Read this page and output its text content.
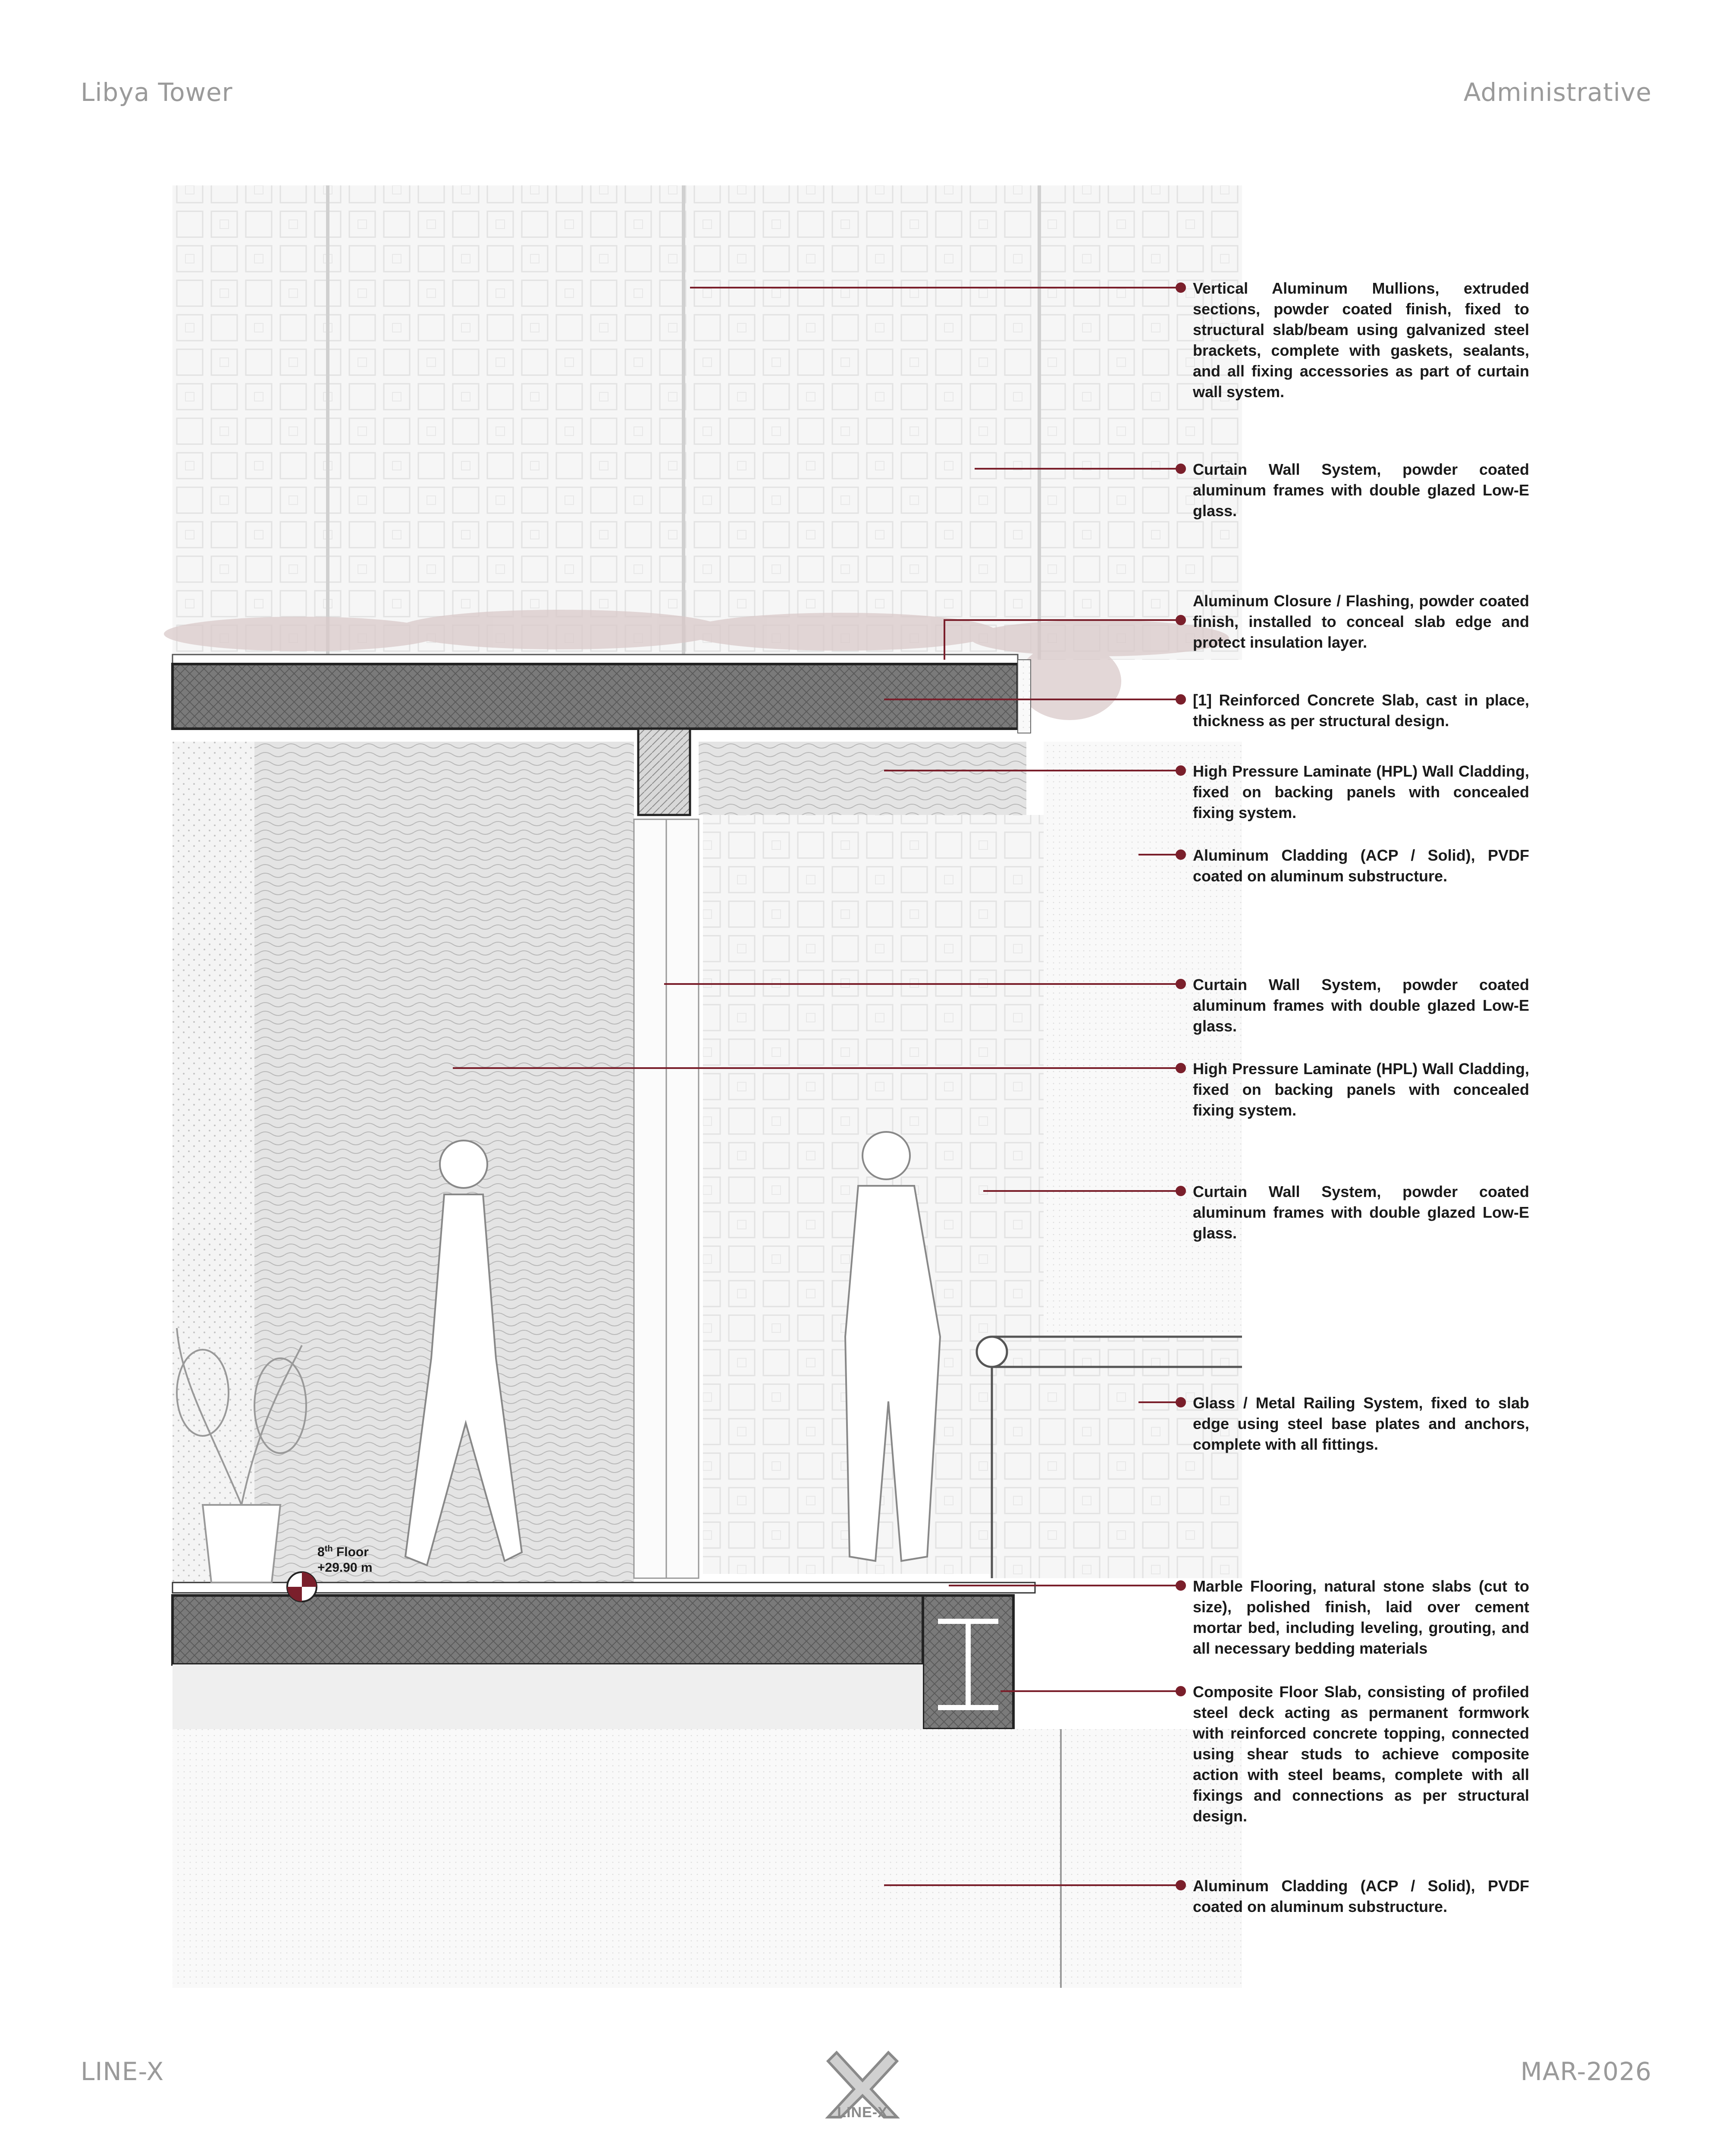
Libya Tower	Administrative
8th Floor
+29.90 m
Vertical Aluminum Mullions, extruded sections, powder coated finish, fixed to structural slab/beam using galvanized steel brackets, complete with gaskets, sealants, and all fixing accessories as part of curtain wall system.
Curtain Wall System, powder coated aluminum frames with double glazed Low-E glass.
Aluminum Closure / Flashing, powder coated finish, installed to conceal slab edge and protect insulation layer.
[1] Reinforced Concrete Slab, cast in place, thickness as per structural design.
High Pressure Laminate (HPL) Wall Cladding, fixed on backing panels with concealed fixing system.
Aluminum Cladding (ACP / Solid), PVDF coated on aluminum substructure.
Curtain Wall System, powder coated aluminum frames with double glazed Low-E glass.
High Pressure Laminate (HPL) Wall Cladding, fixed on backing panels with concealed fixing system.
Curtain Wall System, powder coated aluminum frames with double glazed Low-E glass.
Glass / Metal Railing System, fixed to slab edge using steel base plates and anchors, complete with all fittings.
Marble Flooring, natural stone slabs (cut to size), polished finish, laid over cement mortar bed, including leveling, grouting, and all necessary bedding materials
Composite Floor Slab, consisting of profiled steel deck acting as permanent formwork with reinforced concrete topping, connected using shear studs to achieve composite action with steel beams, complete with all fixings and connections as per structural design.
Aluminum Cladding (ACP / Solid), PVDF coated on aluminum substructure.
LINE-X
LINE-X	MAR-2026
